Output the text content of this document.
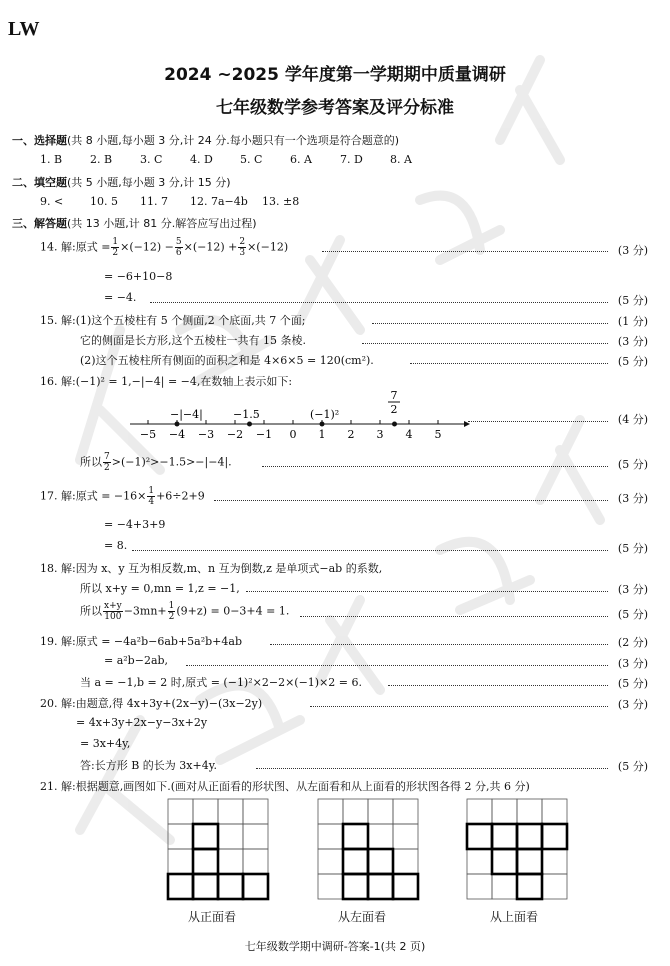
LW
2024 ~2025 学年度第一学期期中质量调研
七年级数学参考答案及评分标准
一、选择题(共 8 小题,每小题 3 分,计 24 分.每小题只有一个选项是符合题意的)
1. B	2. B	3. C	4. D 5. C	6. A	7. D 8. A
二、填空题(共 5 小题,每小题 3 分,计 15 分)
9. < 10. 5 11. 7 12. 7a−4b 13. ±8
三、解答题(共 13 小题,计 81 分.解答应写出过程)
14. 解:原式 = $\frac{1}{2} \times(-12) - \frac{5}{6} \times(-12) + \frac{2}{3} \times(-12)$	(3 分)
= −6+10−8
= −4.	(5 分)
15. 解:(1)这个五棱柱有 5 个侧面,2 个底面,共 7 个面;	(1 分)
它的侧面是长方形,这个五棱柱一共有 15 条棱.	(3 分)
(2)这个五棱柱所有侧面的面积之和是 4×6×5 = 120(cm²).	(5 分)
16. 解:(−1)² = 1,−|−4| = −4,在数轴上表示如下:
−5 −4 −3 −2 −1 0 1 2 3 4 5
−|−4|	−1.5	(−1)²
7
2
(4 分)
所以 $\frac{7}{2} >(-1)^2>-1.5>-|-4|$.	(5 分)
17. 解:原式 = $-16\times \frac{1}{4} +6\div 2+9$	(3 分)
= −4+3+9
= 8.	(5 分)
18. 解:因为 x、y 互为相反数,m、n 互为倒数,z 是单项式−ab 的系数,
所以 x+y = 0,mn = 1,z = −1,	(3 分)
所以 $\frac{x+y}{100} -3mn+ \frac{1}{2} (9+z) = 0-3+4 = 1$.	(5 分)
19. 解:原式 = −4a²b−6ab+5a²b+4ab	(2 分)
= a²b−2ab,	(3 分)
当 a = −1,b = 2 时,原式 = (−1)²×2−2×(−1)×2 = 6.	(5 分)
20. 解:由题意,得 4x+3y+(2x−y)−(3x−2y)	(3 分)
= 4x+3y+2x−y−3x+2y
= 3x+4y,
答:长方形 B 的长为 3x+4y.	(5 分)
21. 解:根据题意,画图如下.(画对从正面看的形状图、从左面看和从上面看的形状图各得 2 分,共 6 分)
从正面看	从左面看	从上面看
七年级数学期中调研-答案-1(共 2 页)
